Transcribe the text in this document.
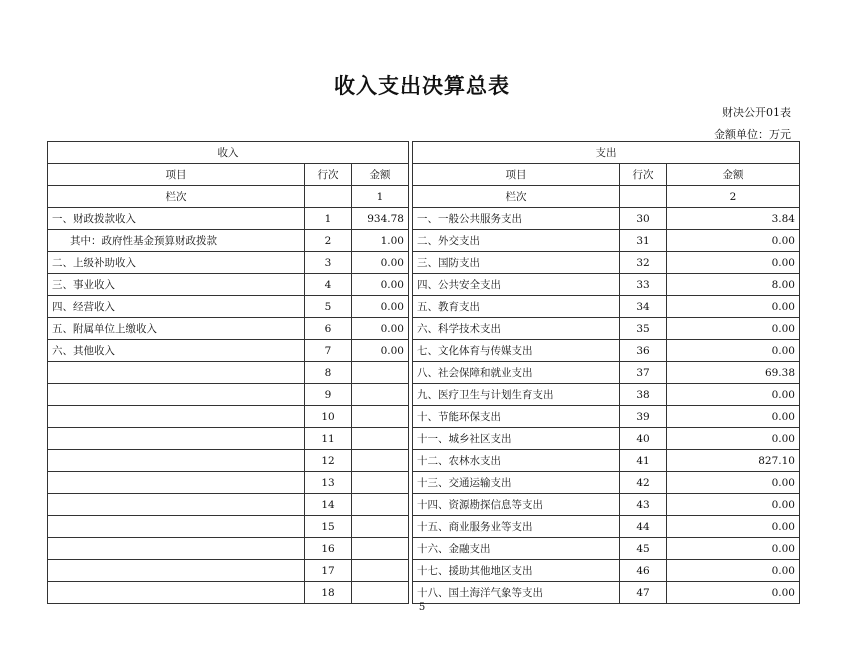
收入支出决算总表
财决公开01表
金额单位：万元
收入				支出		
项目	行次	金额		项目	行次	金额
栏次		1		栏次		2
一、财政拨款收入	1	934.78		一、一般公共服务支出	30	3.84
其中：政府性基金预算财政拨款	2	1.00		二、外交支出	31	0.00
二、上级补助收入	3	0.00		三、国防支出	32	0.00
三、事业收入	4	0.00		四、公共安全支出	33	8.00
四、经营收入	5	0.00		五、教育支出	34	0.00
五、附属单位上缴收入	6	0.00		六、科学技术支出	35	0.00
六、其他收入	7	0.00		七、文化体育与传媒支出	36	0.00
	8			八、社会保障和就业支出	37	69.38
	9			九、医疗卫生与计划生育支出	38	0.00
	10			十、节能环保支出	39	0.00
	11			十一、城乡社区支出	40	0.00
	12			十二、农林水支出	41	827.10
	13			十三、交通运输支出	42	0.00
	14			十四、资源勘探信息等支出	43	0.00
	15			十五、商业服务业等支出	44	0.00
	16			十六、金融支出	45	0.00
	17			十七、援助其他地区支出	46	0.00
	18			十八、国土海洋气象等支出	47	0.00
5
